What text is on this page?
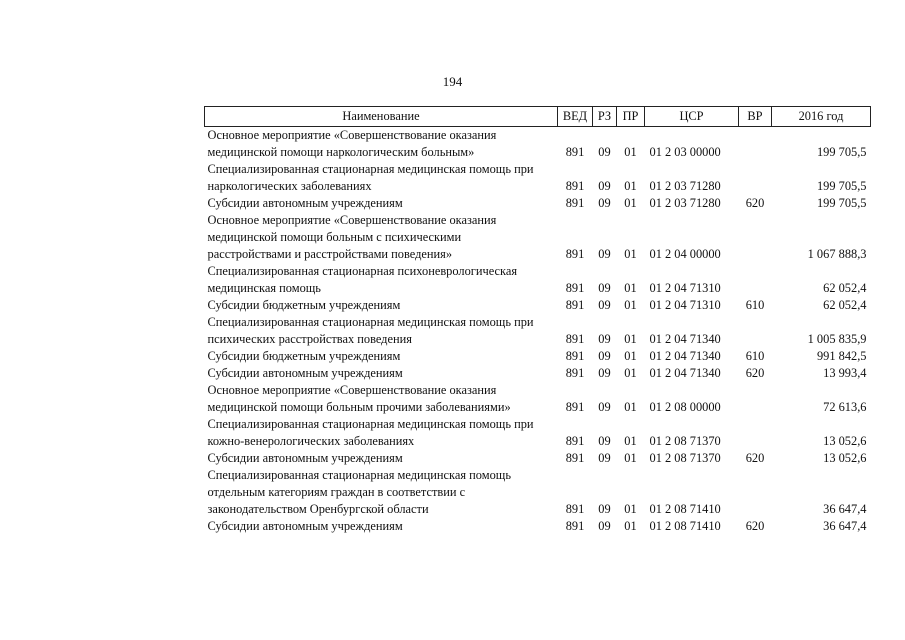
194
Наименование	ВЕД	РЗ	ПР	ЦСР	ВР	2016 год

Основное мероприятие «Совершенствование оказания
медицинской помощи наркологическим больным»	891	09	01	01 2 03 00000		199 705,5

Специализированная стационарная медицинская помощь при
наркологических заболеваниях	891	09	01	01 2 03 71280		199 705,5

Субсидии автономным учреждениям	891	09	01	01 2 03 71280	620	199 705,5

Основное мероприятие «Совершенствование оказания
медицинской помощи больным с психическими
расстройствами и расстройствами поведения»	891	09	01	01 2 04 00000		1 067 888,3

Специализированная стационарная психоневрологическая
медицинская помощь	891	09	01	01 2 04 71310		62 052,4

Субсидии бюджетным учреждениям	891	09	01	01 2 04 71310	610	62 052,4

Специализированная стационарная медицинская помощь при
психических расстройствах поведения	891	09	01	01 2 04 71340		1 005 835,9

Субсидии бюджетным учреждениям	891	09	01	01 2 04 71340	610	991 842,5

Субсидии автономным учреждениям	891	09	01	01 2 04 71340	620	13 993,4

Основное мероприятие «Совершенствование оказания
медицинской помощи больным прочими заболеваниями»	891	09	01	01 2 08 00000		72 613,6

Специализированная стационарная медицинская помощь при
кожно-венерологических заболеваниях	891	09	01	01 2 08 71370		13 052,6

Субсидии автономным учреждениям	891	09	01	01 2 08 71370	620	13 052,6

Специализированная стационарная медицинская помощь
отдельным категориям граждан в соответствии с
законодательством Оренбургской области	891	09	01	01 2 08 71410		36 647,4

Субсидии автономным учреждениям	891	09	01	01 2 08 71410	620	36 647,4
